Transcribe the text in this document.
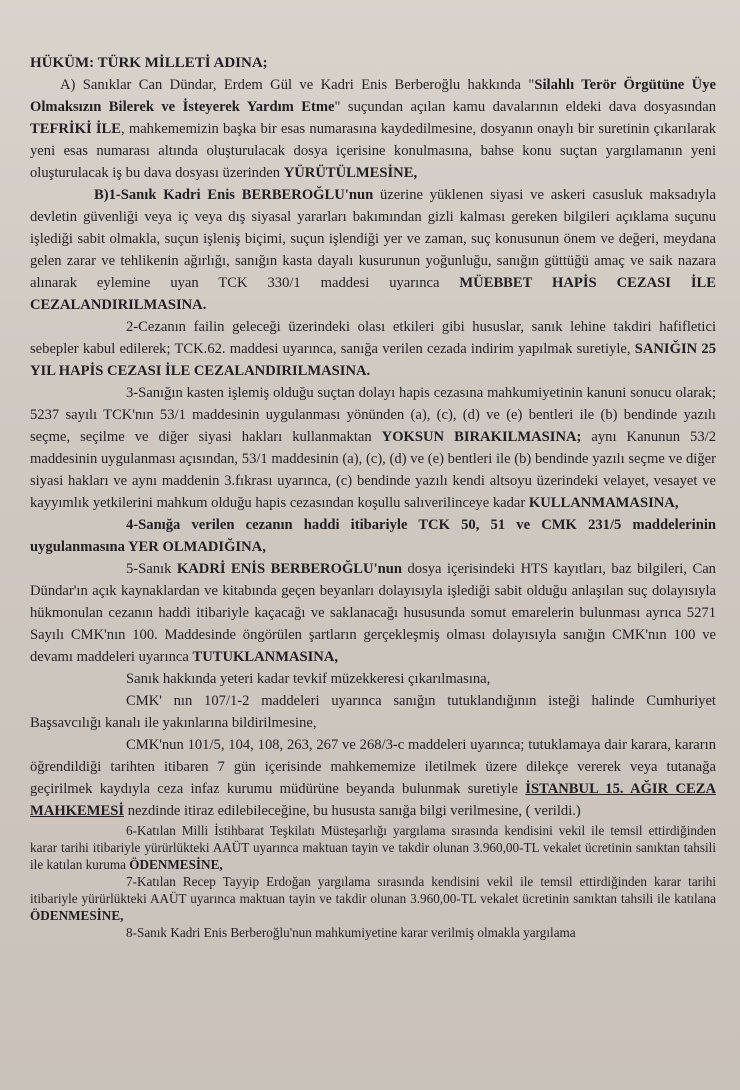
HÜKÜM: TÜRK MİLLETİ ADINA;

A) Sanıklar Can Dündar, Erdem Gül ve Kadri Enis Berberoğlu hakkında "Silahlı Terör Örgütüne Üye Olmaksızın Bilerek ve İsteyerek Yardım Etme" suçundan açılan kamu davalarının eldeki dava dosyasından TEFRİKİ İLE, mahkememizin başka bir esas numarasına kaydedilmesine, dosyanın onaylı bir suretinin çıkarılarak yeni esas numarası altında oluşturulacak dosya içerisine konulmasına, bahse konu suçtan yargılamanın yeni oluşturulacak iş bu dava dosyası üzerinden YÜRÜTÜLMESİNE,

B)1-Sanık Kadri Enis BERBEROĞLU'nun üzerine yüklenen siyasi ve askeri casusluk maksadıyla devletin güvenliği veya iç veya dış siyasal yararları bakımından gizli kalması gereken bilgileri açıklama suçunu işlediği sabit olmakla, suçun işleniş biçimi, suçun işlendiği yer ve zaman, suç konusunun önem ve değeri, meydana gelen zarar ve tehlikenin ağırlığı, sanığın kasta dayalı kusurunun yoğunluğu, sanığın güttüğü amaç ve saik nazara alınarak eylemine uyan TCK 330/1 maddesi uyarınca MÜEBBET HAPİS CEZASI İLE CEZALANDIRILMASINA.

2-Cezanın failin geleceği üzerindeki olası etkileri gibi hususlar, sanık lehine takdiri hafifletici sebepler kabul edilerek; TCK.62. maddesi uyarınca, sanığa verilen cezada indirim yapılmak suretiyle, SANIĞIN 25 YIL HAPİS CEZASI İLE CEZALANDIRILMASINA.

3-Sanığın kasten işlemiş olduğu suçtan dolayı hapis cezasına mahkumiyetinin kanuni sonucu olarak; 5237 sayılı TCK'nın 53/1 maddesinin uygulanması yönünden (a), (c), (d) ve (e) bentleri ile (b) bendinde yazılı seçme, seçilme ve diğer siyasi hakları kullanmaktan YOKSUN BIRAKILMASINA; aynı Kanunun 53/2 maddesinin uygulanması açısından, 53/1 maddesinin (a), (c), (d) ve (e) bentleri ile (b) bendinde yazılı seçme ve diğer siyasi hakları ve aynı maddenin 3.fıkrası uyarınca, (c) bendinde yazılı kendi altsoyu üzerindeki velayet, vesayet ve kayyımlık yetkilerini mahkum olduğu hapis cezasından koşullu salıverilinceye kadar KULLANMAMASINA,

4-Sanığa verilen cezanın haddi itibariyle TCK 50, 51 ve CMK 231/5 maddelerinin uygulanmasına YER OLMADIĞINA,

5-Sanık KADRİ ENİS BERBEROĞLU'nun dosya içerisindeki HTS kayıtları, baz bilgileri, Can Dündar'ın açık kaynaklardan ve kitabında geçen beyanları dolayısıyla işlediği sabit olduğu anlaşılan suç dolayısıyla hükmonulan cezanın haddi itibariyle kaçacağı ve saklanacağı hususunda somut emarelerin bulunması ayrıca 5271 Sayılı CMK'nın 100. Maddesinde öngörülen şartların gerçekleşmiş olması dolayısıyla sanığın CMK'nın 100 ve devamı maddeleri uyarınca TUTUKLANMASINA,

Sanık hakkında yeteri kadar tevkif müzekkeresi çıkarılmasına,

CMK' nın 107/1-2 maddeleri uyarınca sanığın tutuklandığının isteği halinde Cumhuriyet Başsavcılığı kanalı ile yakınlarına bildirilmesine,

CMK'nun 101/5, 104, 108, 263, 267 ve 268/3-c maddeleri uyarınca; tutuklamaya dair karara, kararın öğrendildiği tarihten itibaren 7 gün içerisinde mahkememize iletilmek üzere dilekçe vererek veya tutanağa geçirilmek kaydıyla ceza infaz kurumu müdürüne beyanda bulunmak suretiyle İSTANBUL 15. AĞIR CEZA MAHKEMESİ nezdinde itiraz edilebileceğine, bu hususta sanığa bilgi verilmesine, ( verildi.)

6-Katılan Milli İstihbarat Teşkilatı Müsteşarlığı yargılama sırasında kendisini vekil ile temsil ettirdiğinden karar tarihi itibariyle yürürlükteki AAÜT uyarınca maktuan tayin ve takdir olunan 3.960,00-TL vekalet ücretinin sanıktan tahsili ile katılan kuruma ÖDENMESİNE,

7-Katılan Recep Tayyip Erdoğan yargılama sırasında kendisini vekil ile temsil ettirdiğinden karar tarihi itibariyle yürürlükteki AAÜT uyarınca maktuan tayin ve takdir olunan 3.960,00-TL vekalet ücretinin sanıktan tahsili ile katılana ÖDENMESİNE,

8-Sanık Kadri Enis Berberoğlu'nun mahkumiyetine karar verilmiş olmakla yargılama
